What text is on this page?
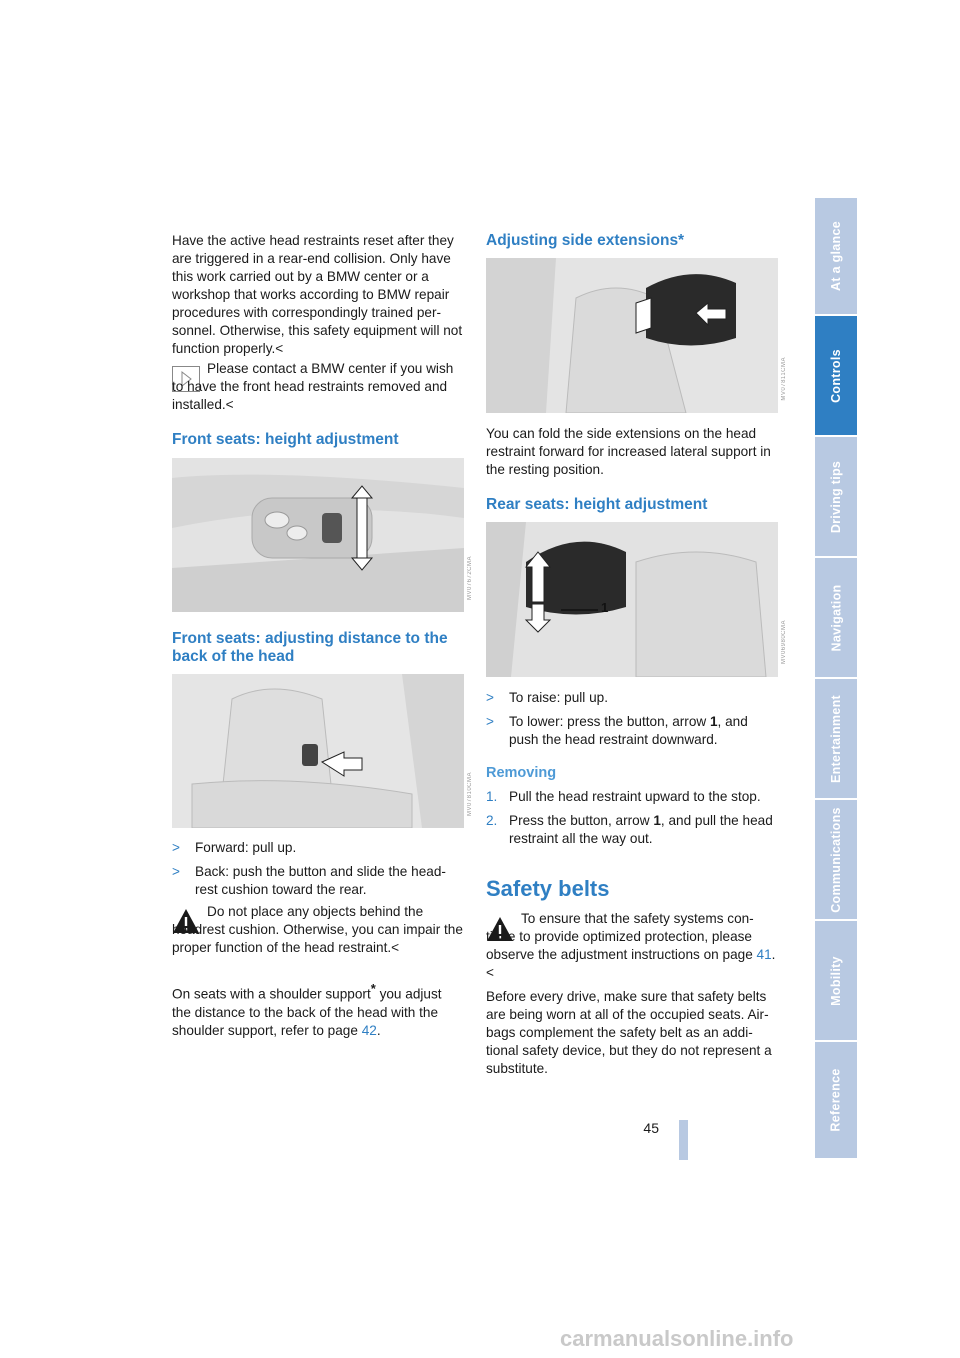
Have the active head restraints reset after they are triggered in a rear-end collision. Only have this work carried out by a BMW center or a workshop that works according to BMW repair procedures with correspondingly trained per-sonnel. Otherwise, this safety equipment will not function properly.<

Please contact a BMW center if you wish to have the front head restraints removed and installed.<

Front seats: height adjustment
MV07672CMA
Front seats: adjusting distance to the back of the head
MV07810CMA
> Forward: pull up.
> Back: push the button and slide the head-rest cushion toward the rear.

Do not place any objects behind the headrest cushion. Otherwise, you can impair the proper function of the head restraint.<

On seats with a shoulder support* you adjust the distance to the back of the head with the shoulder support, refer to page 42.

Adjusting side extensions*
MV07811CMA

You can fold the side extensions on the head restraint forward for increased lateral support in the resting position.

Rear seats: height adjustment
1
MV06980CMA
> To raise: pull up.
> To lower: press the button, arrow 1, and push the head restraint downward.
Removing
1. Pull the head restraint upward to the stop.
2. Press the button, arrow 1, and pull the head restraint all the way out.
Safety belts

To ensure that the safety systems con-tinue to provide optimized protection, please observe the adjustment instructions on page 41.<

Before every drive, make sure that safety belts are being worn at all of the occupied seats. Air-bags complement the safety belt as an addi-tional safety device, but they do not represent a substitute.

At a glance
Controls
Driving tips
Navigation
Entertainment
Communications
Mobility
Reference
45
carmanualsonline.info
